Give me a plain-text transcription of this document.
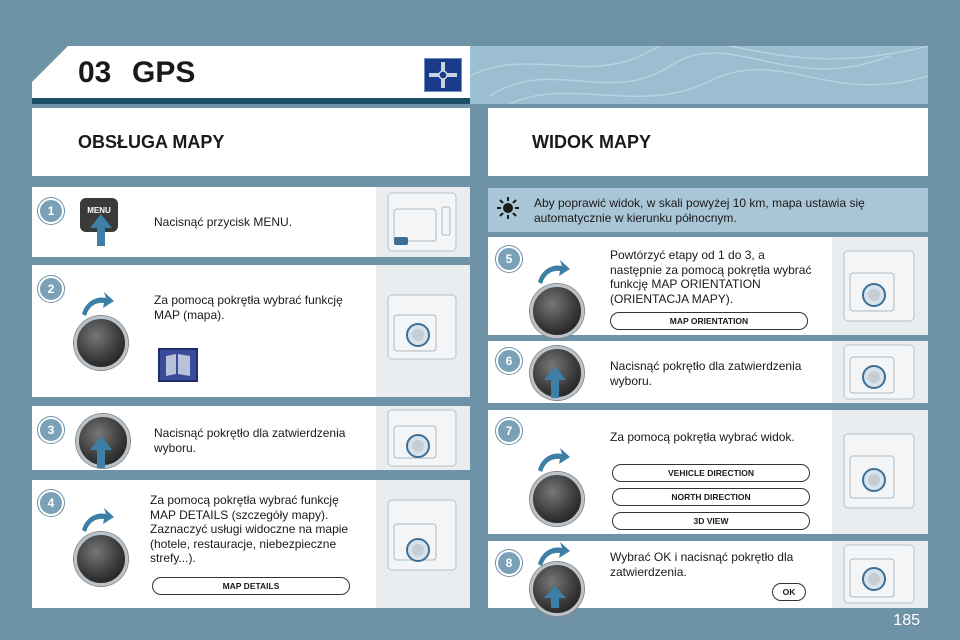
03 GPS
OBSŁUGA MAPY	WIDOK MAPY
1	MENU
Nacisnąć przycisk MENU.
2
Za pomocą pokrętła wybrać funkcję MAP (mapa).
3	Nacisnąć pokrętło dla zatwierdzenia wyboru.
4	Za pomocą pokrętła wybrać funkcję MAP DETAILS (szczegóły mapy). Zaznaczyć usługi widoczne na mapie (hotele, restauracje, niebezpieczne strefy...).
MAP DETAILS
Aby poprawić widok, w skali powyżej 10 km, mapa ustawia się automatycznie w kierunku północnym.
5	Powtórzyć etapy od 1 do 3, a następnie za pomocą pokrętła wybrać funkcję MAP ORIENTATION (ORIENTACJA MAPY).
MAP ORIENTATION
6	Nacisnąć pokrętło dla zatwierdzenia wyboru.
7	Za pomocą pokrętła wybrać widok.
VEHICLE DIRECTION
NORTH DIRECTION
3D VIEW
8	Wybrać OK i nacisnąć pokrętło dla zatwierdzenia.
OK
185
